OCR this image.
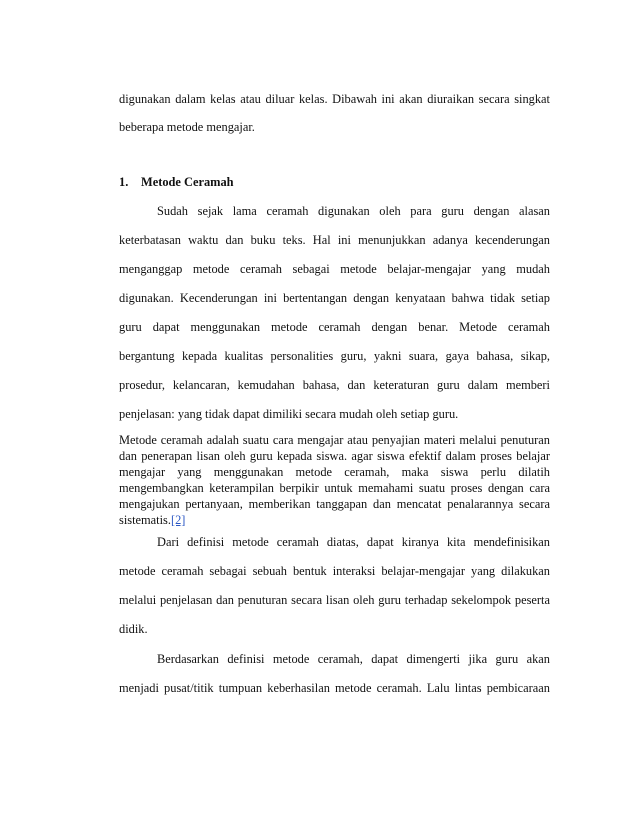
digunakan dalam kelas atau diluar kelas. Dibawah ini akan diuraikan secara singkat
beberapa metode mengajar.
1. Metode Ceramah
Sudah sejak lama ceramah digunakan oleh para guru dengan alasan
keterbatasan waktu dan buku teks. Hal ini menunjukkan adanya kecenderungan
menganggap metode ceramah sebagai metode belajar-mengajar yang mudah
digunakan. Kecenderungan ini bertentangan dengan kenyataan bahwa tidak setiap
guru dapat menggunakan metode ceramah dengan benar. Metode ceramah
bergantung kepada kualitas personalities guru, yakni suara, gaya bahasa, sikap,
prosedur, kelancaran, kemudahan bahasa, dan keteraturan guru dalam memberi
penjelasan: yang tidak dapat dimiliki secara mudah oleh setiap guru.
Metode ceramah adalah suatu cara mengajar atau penyajian materi melalui penuturan
dan penerapan lisan oleh guru kepada siswa. agar siswa efektif dalam proses belajar
mengajar yang menggunakan metode ceramah, maka siswa perlu dilatih
mengembangkan keterampilan berpikir untuk memahami suatu proses dengan cara
mengajukan pertanyaan, memberikan tanggapan dan mencatat penalarannya secara
sistematis.[2]
Dari definisi metode ceramah diatas, dapat kiranya kita mendefinisikan
metode ceramah sebagai sebuah bentuk interaksi belajar-mengajar yang dilakukan
melalui penjelasan dan penuturan secara lisan oleh guru terhadap sekelompok peserta
didik.
Berdasarkan definisi metode ceramah, dapat dimengerti jika guru akan
menjadi pusat/titik tumpuan keberhasilan metode ceramah. Lalu lintas pembicaraan
